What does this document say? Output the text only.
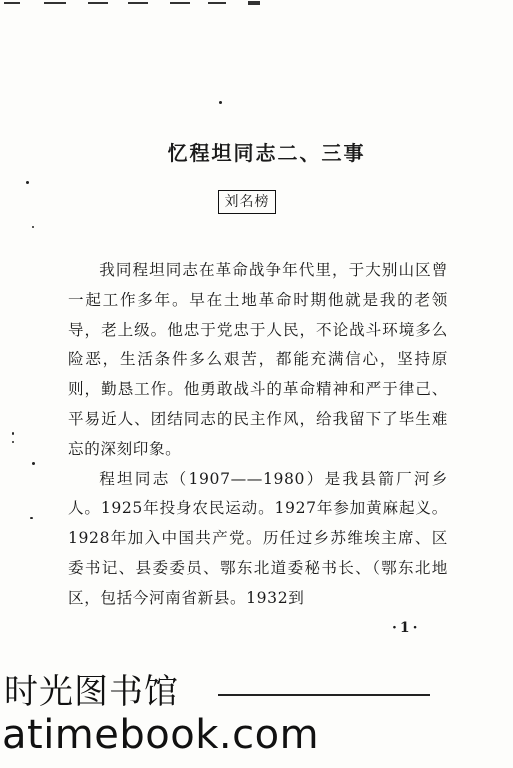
忆程坦同志二、三事
刘名榜

我同程坦同志在革命战争年代里，于大别山区曾一起工作多年。早在土地革命时期他就是我的老领导，老上级。他忠于党忠于人民，不论战斗环境多么险恶，生活条件多么艰苦，都能充满信心，坚持原则，勤恳工作。他勇敢战斗的革命精神和严于律己、平易近人、团结同志的民主作风，给我留下了毕生难忘的深刻印象。

程坦同志（1907——1980）是我县箭厂河乡人。1925年投身农民运动。1927年参加黄麻起义。1928年加入中国共产党。历任过乡苏维埃主席、区委书记、县委委员、鄂东北道委秘书长、（鄂东北地区，包括今河南省新县。1932到

·1·
时光图书馆
atimebook.com
